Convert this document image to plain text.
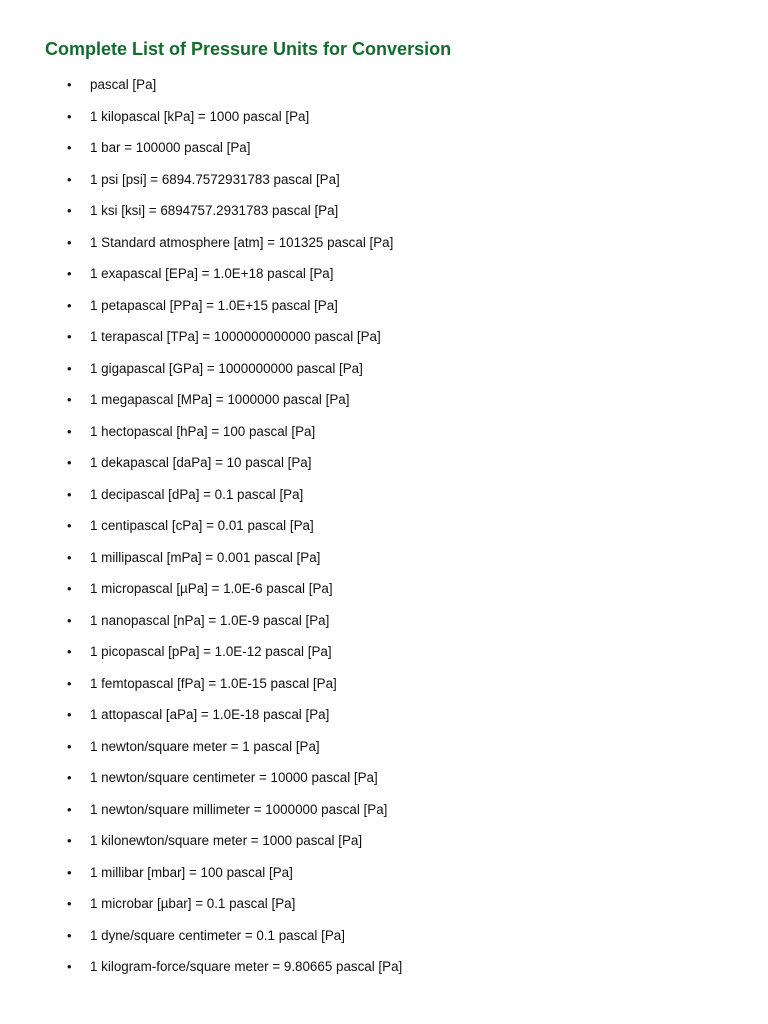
Complete List of Pressure Units for Conversion
•	pascal [Pa]
•	1 kilopascal [kPa] = 1000 pascal [Pa]
•	1 bar = 100000 pascal [Pa]
•	1 psi [psi] = 6894.7572931783 pascal [Pa]
•	1 ksi [ksi] = 6894757.2931783 pascal [Pa]
•	1 Standard atmosphere [atm] = 101325 pascal [Pa]
•	1 exapascal [EPa] = 1.0E+18 pascal [Pa]
•	1 petapascal [PPa] = 1.0E+15 pascal [Pa]
•	1 terapascal [TPa] = 1000000000000 pascal [Pa]
•	1 gigapascal [GPa] = 1000000000 pascal [Pa]
•	1 megapascal [MPa] = 1000000 pascal [Pa]
•	1 hectopascal [hPa] = 100 pascal [Pa]
•	1 dekapascal [daPa] = 10 pascal [Pa]
•	1 decipascal [dPa] = 0.1 pascal [Pa]
•	1 centipascal [cPa] = 0.01 pascal [Pa]
•	1 millipascal [mPa] = 0.001 pascal [Pa]
•	1 micropascal [µPa] = 1.0E-6 pascal [Pa]
•	1 nanopascal [nPa] = 1.0E-9 pascal [Pa]
•	1 picopascal [pPa] = 1.0E-12 pascal [Pa]
•	1 femtopascal [fPa] = 1.0E-15 pascal [Pa]
•	1 attopascal [aPa] = 1.0E-18 pascal [Pa]
•	1 newton/square meter = 1 pascal [Pa]
•	1 newton/square centimeter = 10000 pascal [Pa]
•	1 newton/square millimeter = 1000000 pascal [Pa]
•	1 kilonewton/square meter = 1000 pascal [Pa]
•	1 millibar [mbar] = 100 pascal [Pa]
•	1 microbar [µbar] = 0.1 pascal [Pa]
•	1 dyne/square centimeter = 0.1 pascal [Pa]
•	1 kilogram-force/square meter = 9.80665 pascal [Pa]
